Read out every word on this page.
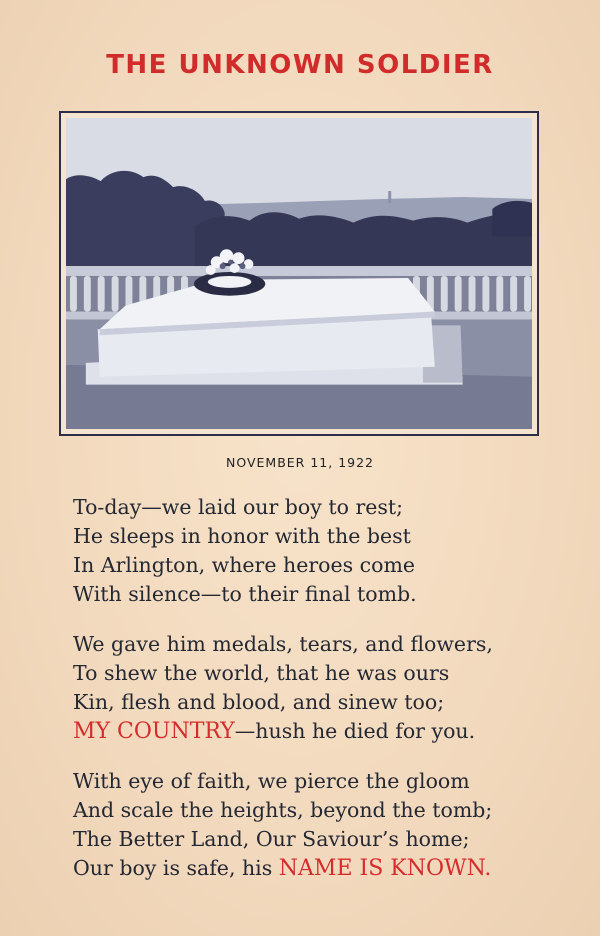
THE UNKNOWN SOLDIER
NOVEMBER 11, 1922
To-day—we laid our boy to rest;
He sleeps in honor with the best
In Arlington, where heroes come
With silence—to their final tomb.
We gave him medals, tears, and flowers,
To shew the world, that he was ours
Kin, flesh and blood, and sinew too;
MY COUNTRY—hush he died for you.
With eye of faith, we pierce the gloom
And scale the heights, beyond the tomb;
The Better Land, Our Saviour’s home;
Our boy is safe, his NAME IS KNOWN.
